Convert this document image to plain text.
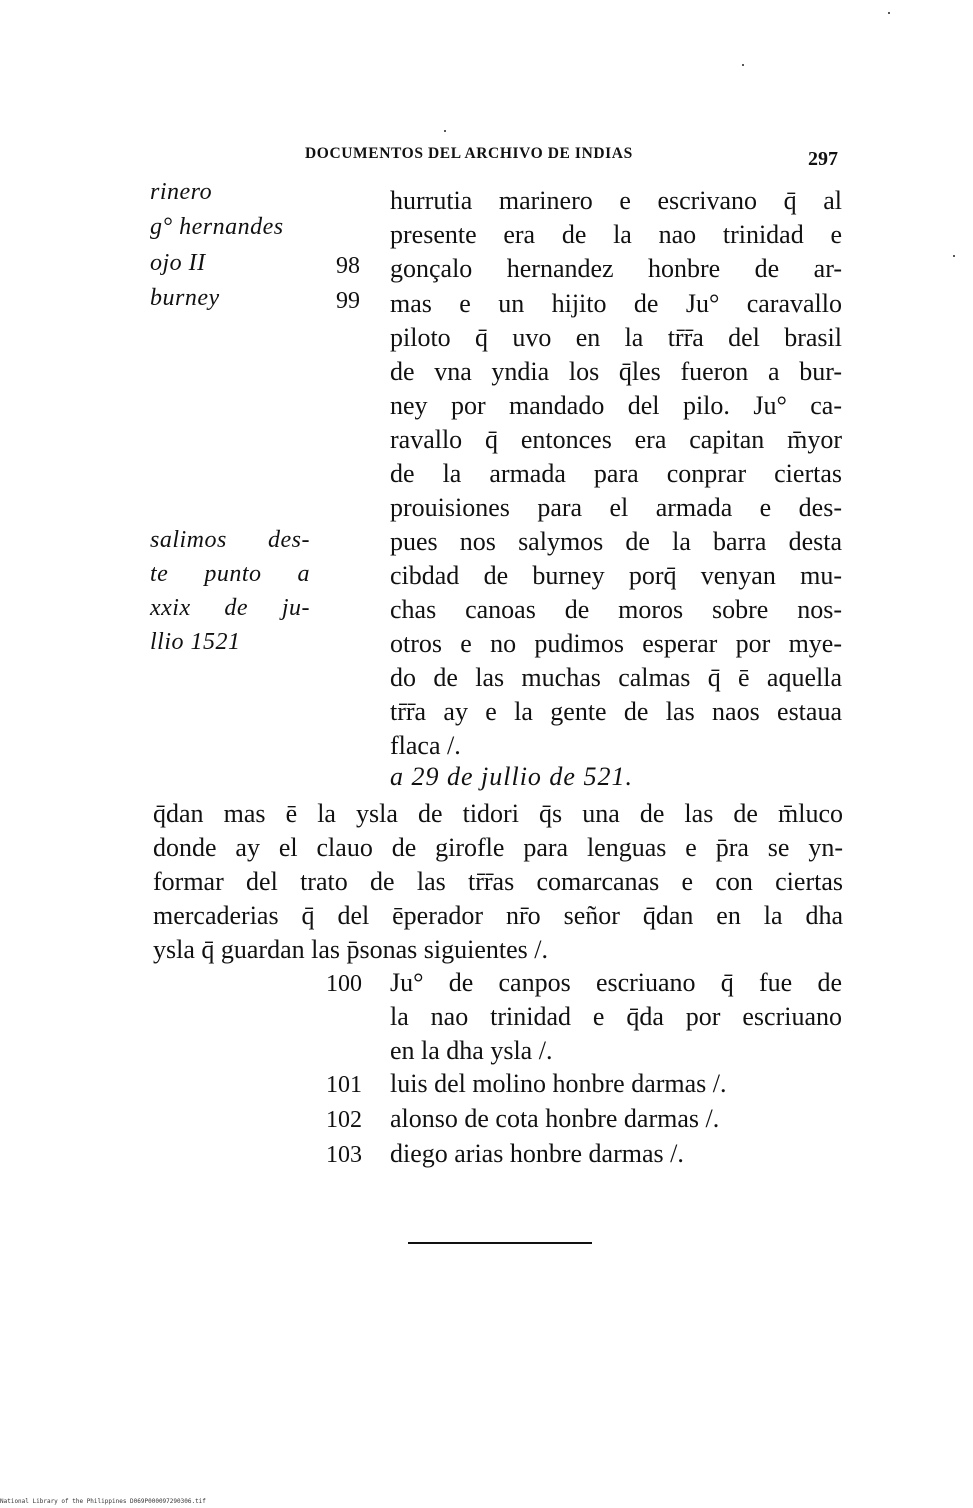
DOCUMENTOS DEL ARCHIVO DE INDIAS	297
rinero
g° hernandes
ojo II
burney
salimos des-
te punto a
xxix de ju-
llio 1521
98
99
hurrutia marinero e escrivano q̄ al
presente era de la nao trinidad e
gonçalo hernandez honbre de ar-
mas e un hijito de Ju° caravallo
piloto q̄ uvo en la tr̄r̄a del brasil
de vna yndia los q̄les fueron a bur-
ney por mandado del pilo. Ju° ca-
ravallo q̄ entonces era capitan m̄yor
de la armada para conprar ciertas
prouisiones para el armada e des-
pues nos salymos de la barra desta
cibdad de burney porq̄ venyan mu-
chas canoas de moros sobre nos-
otros e no pudimos esperar por mye-
do de las muchas calmas q̄ ē aquella
tr̄r̄a ay e la gente de las naos estaua
flaca /.
a 29 de jullio de 521.
q̄dan mas ē la ysla de tidori q̄s una de las de m̄luco
donde ay el clauo de girofle para lenguas e p̄ra se yn-
formar del trato de las tr̄r̄as comarcanas e con ciertas
mercaderias q̄ del ēperador nr̄o señor q̄dan en la dha
ysla q̄ guardan las p̄sonas siguientes /.
100 Ju° de canpos escriuano q̄ fue de
la nao trinidad e q̄da por escriuano
en la dha ysla /.
101 luis del molino honbre darmas /.
102 alonso de cota honbre darmas /.
103 diego arias honbre darmas /.
National Library of the Philippines D069P000097290306.tif
